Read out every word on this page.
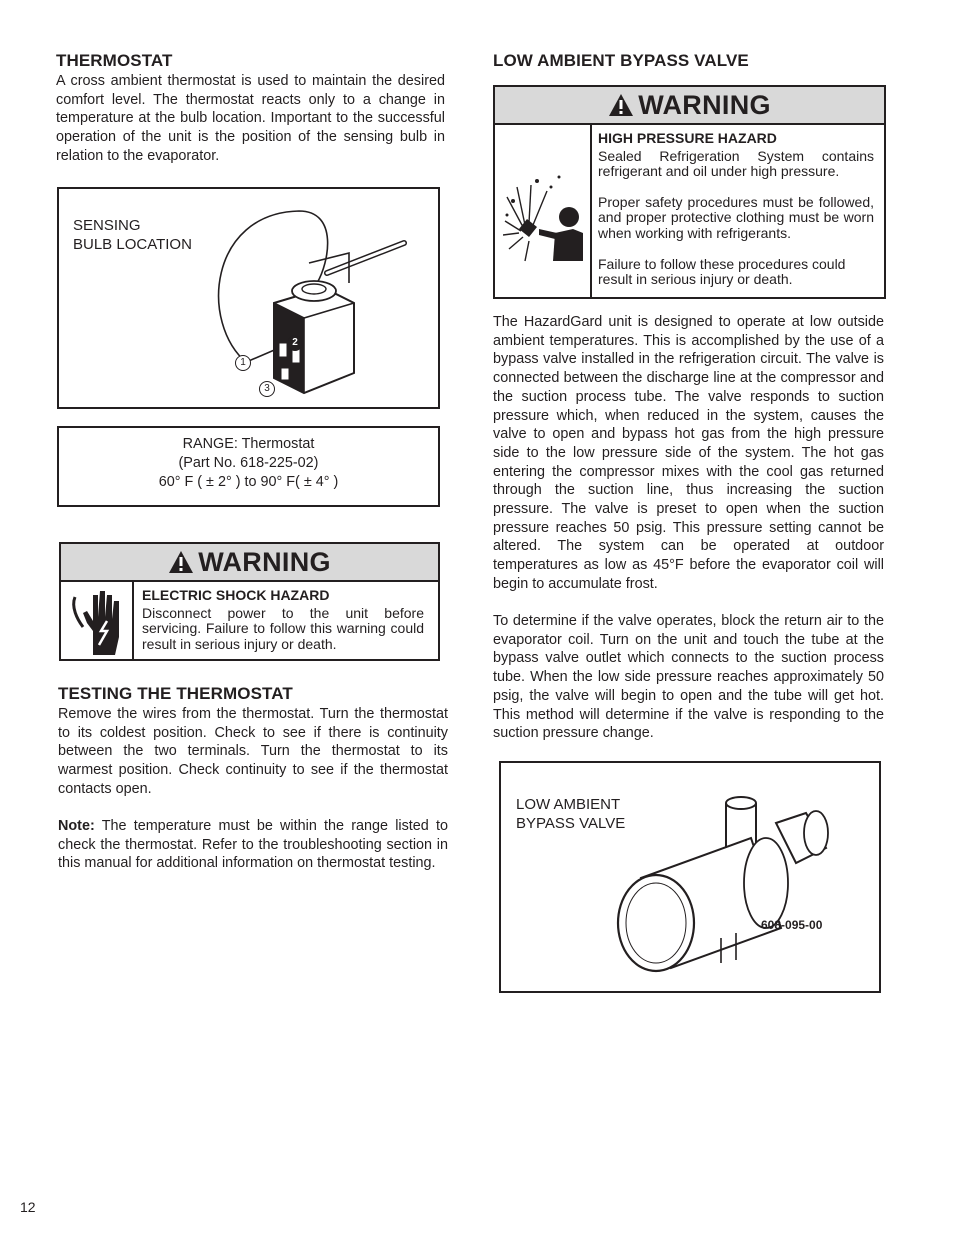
THERMOSTAT

A cross ambient thermostat is used to maintain the desired comfort level. The thermostat reacts only to a change in temperature at the bulb location. Important to the successful operation of the unit is the position of the sensing bulb in relation to the evaporator.

SENSING
BULB LOCATION
1
2
3
RANGE: Thermostat
(Part No. 618-225-02)
60° F ( ± 2° ) to 90° F( ± 4° )
WARNING
ELECTRIC SHOCK HAZARD
Disconnect power to the unit before servicing. Failure to follow this warning could result in serious injury or death.
TESTING THE THERMOSTAT

Remove the wires from the thermostat. Turn the thermostat to its coldest position. Check to see if there is continuity between the two terminals. Turn the thermostat to its warmest position. Check continuity to see if the thermostat contacts open.

Note: The temperature must be within the range listed to check the thermostat. Refer to the troubleshooting section in this manual for additional information on thermostat testing.

12
LOW AMBIENT BYPASS VALVE
WARNING
HIGH PRESSURE HAZARD
Sealed Refrigeration System contains refrigerant and oil under high pressure.
Proper safety procedures must be followed, and proper protective clothing must be worn when working with refrigerants.
Failure to follow these procedures could result in serious injury or death.

The HazardGard unit is designed to operate at low outside ambient temperatures. This is accomplished by the use of a bypass valve installed in the refrigeration circuit. The valve is connected between the discharge line at the compressor and the suction process tube. The valve responds to suction pressure which, when reduced in the system, causes the valve to open and bypass hot gas from the high pressure side to the low pressure side of the system. The hot gas entering the compressor mixes with the cool gas returned through the suction line, thus increasing the suction pressure. The valve is preset to open when the suction pressure reaches 50 psig. This pressure setting cannot be altered. The system can be operated at outdoor temperatures as low as 45°F before the evaporator coil will begin to accumulate frost.

To determine if the valve operates, block the return air to the evaporator coil. Turn on the unit and touch the tube at the bypass valve outlet which connects to the suction process tube. When the low side pressure reaches approximately 50 psig, the valve will begin to open and the tube will get hot. This method will determine if the valve is responding to the suction pressure change.

LOW AMBIENT
BYPASS VALVE
608-095-00
